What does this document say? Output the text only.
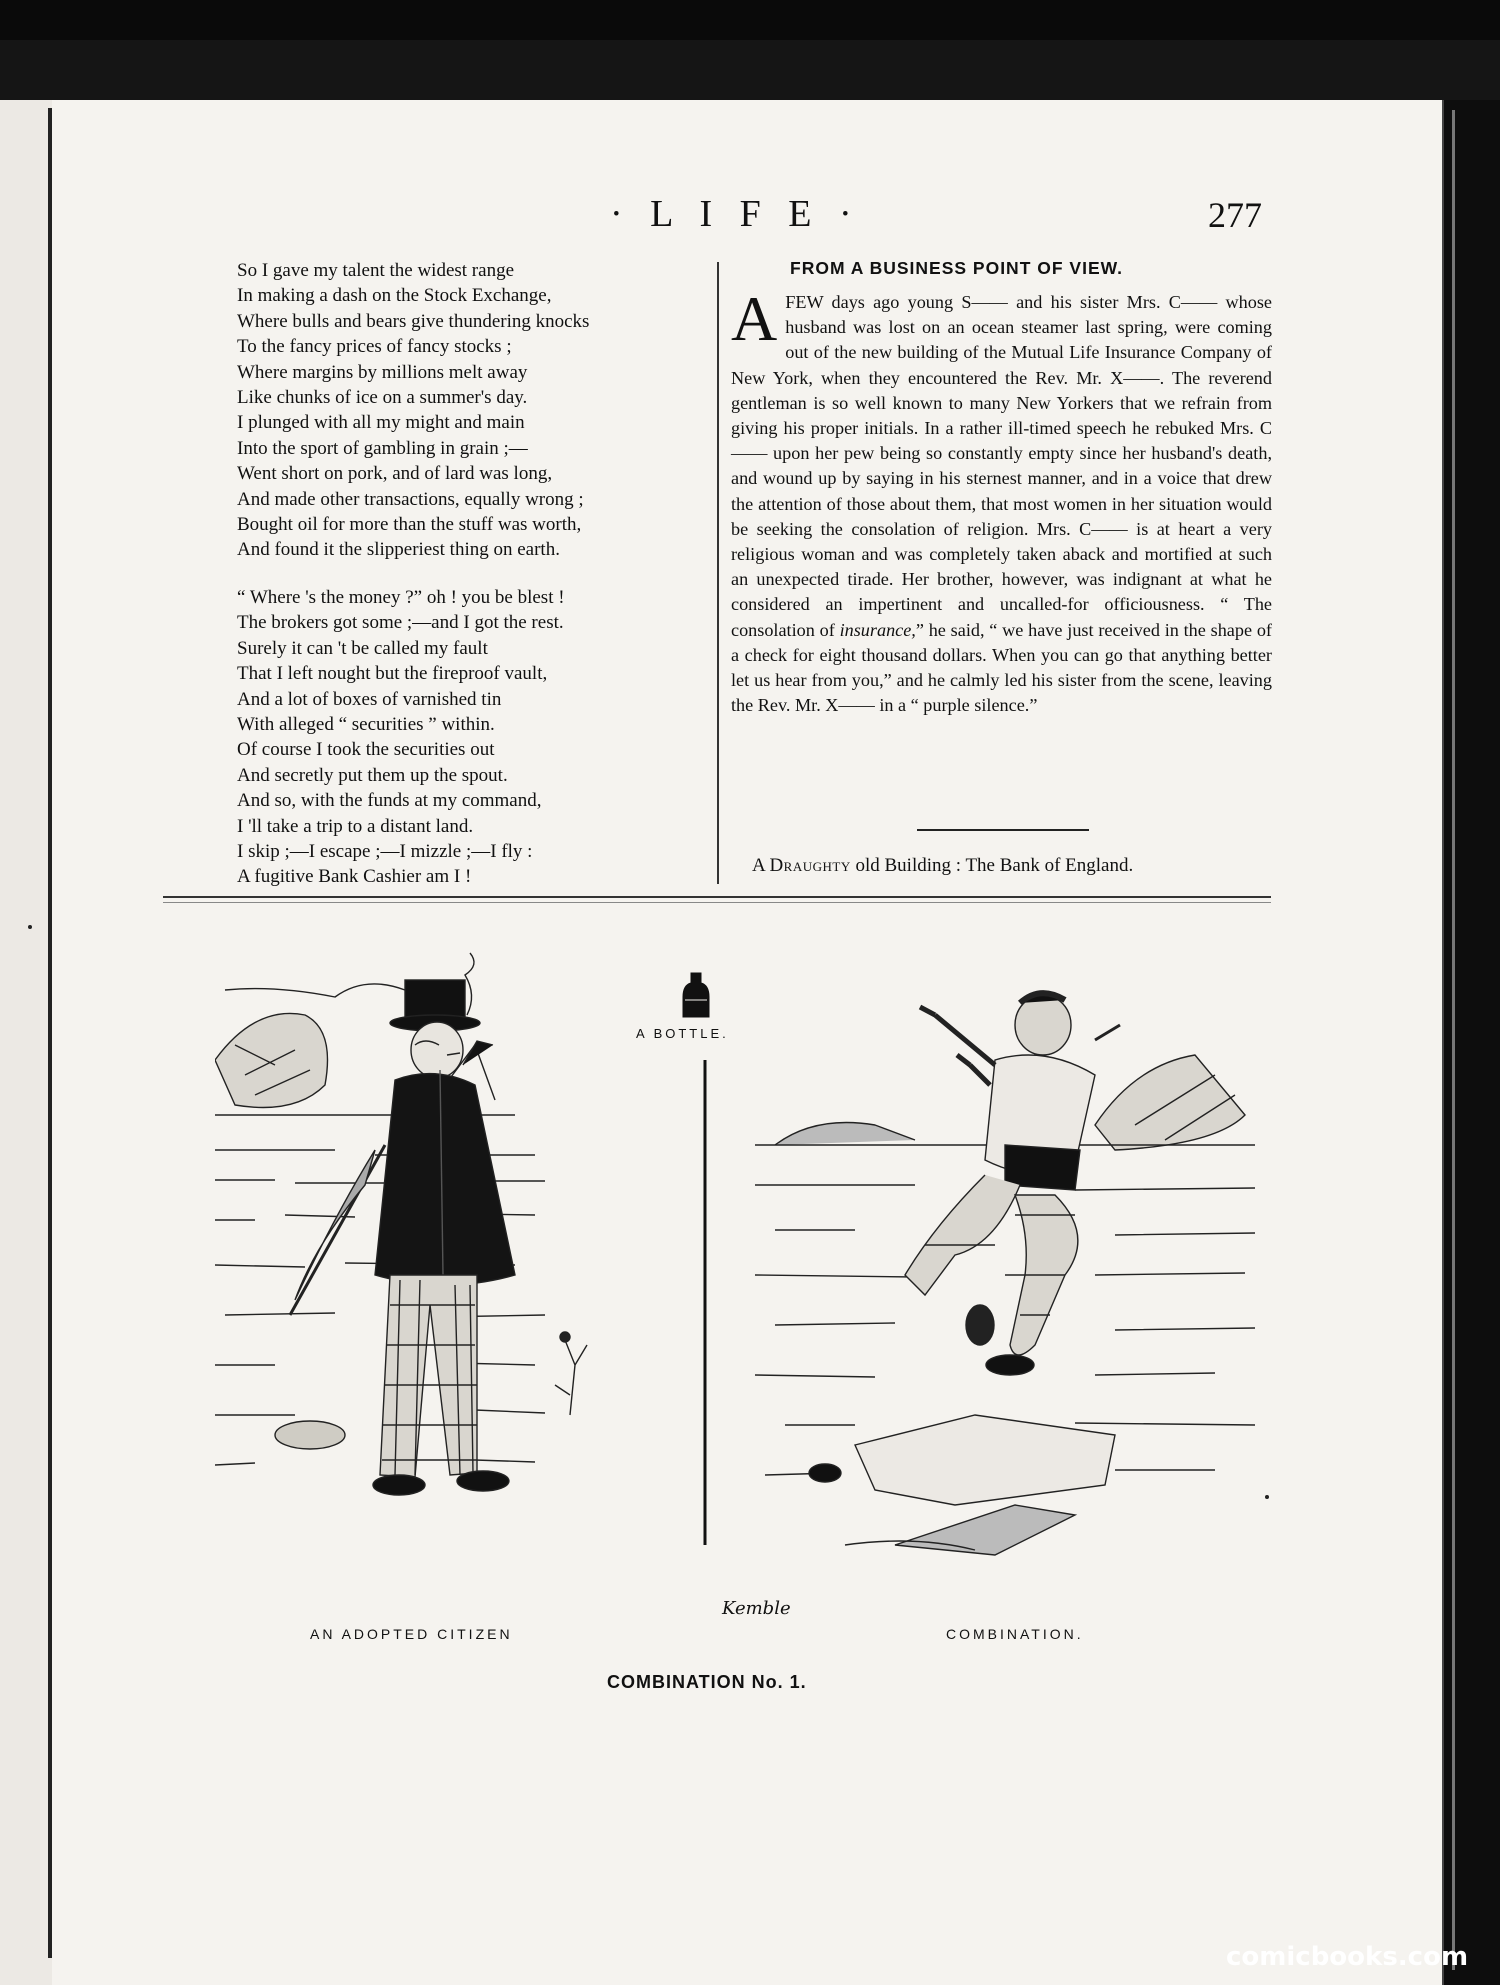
· L I F E ·	277
So I gave my talent the widest range
In making a dash on the Stock Exchange,
Where bulls and bears give thundering knocks
To the fancy prices of fancy stocks ;
Where margins by millions melt away
Like chunks of ice on a summer's day.
I plunged with all my might and main
Into the sport of gambling in grain ;—
Went short on pork, and of lard was long,
And made other transactions, equally wrong ;
Bought oil for more than the stuff was worth,
And found it the slipperiest thing on earth.
“ Where 's the money ?” oh ! you be blest !
The brokers got some ;—and I got the rest.
Surely it can 't be called my fault
That I left nought but the fireproof vault,
And a lot of boxes of varnished tin
With alleged “ securities ” within.
Of course I took the securities out
And secretly put them up the spout.
And so, with the funds at my command,
I 'll take a trip to a distant land.
I skip ;—I escape ;—I mizzle ;—I fly :
A fugitive Bank Cashier am I !
FROM A BUSINESS POINT OF VIEW.
AFEW days ago young S—— and his sister Mrs. C—— whose husband was lost on an ocean steamer last spring, were coming out of the new building of the Mutual Life Insurance Company of New York, when they encountered the Rev. Mr. X——. The reverend gentleman is so well known to many New Yorkers that we refrain from giving his proper initials. In a rather ill-timed speech he rebuked Mrs. C—— upon her pew being so constantly empty since her husband's death, and wound up by saying in his sternest manner, and in a voice that drew the attention of those about them, that most women in her situation would be seeking the consolation of religion. Mrs. C—— is at heart a very religious woman and was completely taken aback and mortified at such an unexpected tirade. Her brother, however, was indignant at what he considered an impertinent and uncalled-for officiousness. “ The consolation of insurance,” he said, “ we have just received in the shape of a check for eight thousand dollars. When you can go that anything better let us hear from you,” and he calmly led his sister from the scene, leaving the Rev. Mr. X—— in a “ purple silence.”
A Draughty old Building : The Bank of England.
A BOTTLE.
Kemble
AN ADOPTED CITIZEN	COMBINATION.
COMBINATION No. 1.
comicbooks.com
